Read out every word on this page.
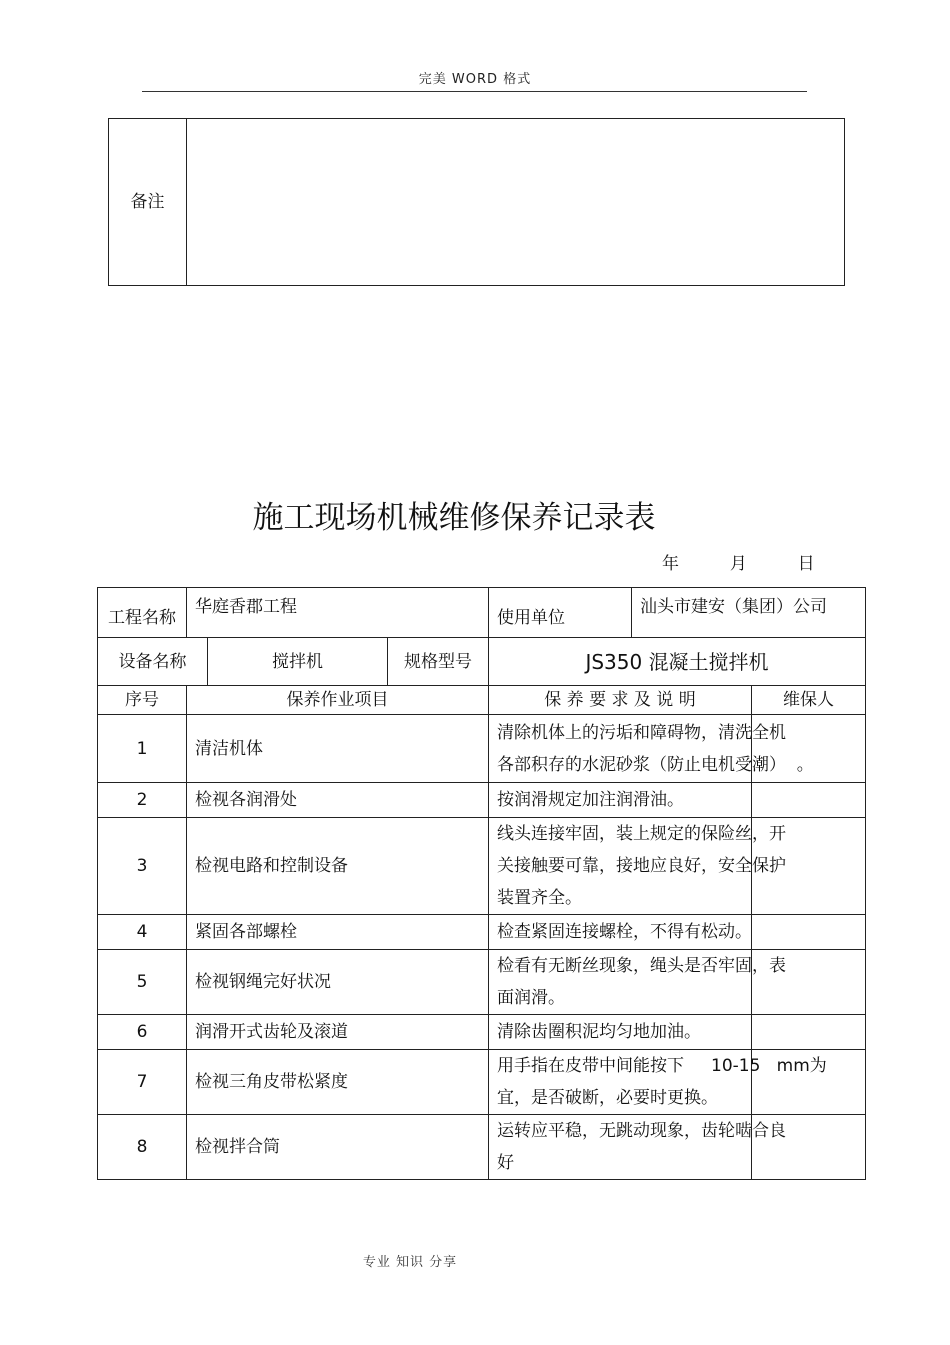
完美 WORD 格式
备注	
施工现场机械维修保养记录表
年	月	日
工程名称	华庭香郡工程			使用单位	汕头市建安（集团）公司	
设备名称		搅拌机	规格型号	JS350 混凝土搅拌机		
序号	保养作业项目			保 养 要 求 及 说 明		维保人
1	清洁机体			清除机体上的污垢和障碍物，清洗全机
各部积存的水泥砂浆（防止电机受潮）  。		

2	检视各润滑处			按润滑规定加注润滑油。		

3	检视电路和控制设备			线头连接牢固，装上规定的保险丝，开
关接触要可靠，接地应良好，安全保护
装置齐全。		

4	紧固各部螺栓			检查紧固连接螺栓，不得有松动。		

5	检视钢绳完好状况			检看有无断丝现象，绳头是否牢固，表
面润滑。		

6	润滑开式齿轮及滚道			清除齿圈积泥均匀地加油。		

7	检视三角皮带松紧度			用手指在皮带中间能按下     10-15   mm为
宜，是否破断，必要时更换。		

8	检视拌合筒			运转应平稳，无跳动现象，齿轮啮合良
好		

专业 知识 分享
